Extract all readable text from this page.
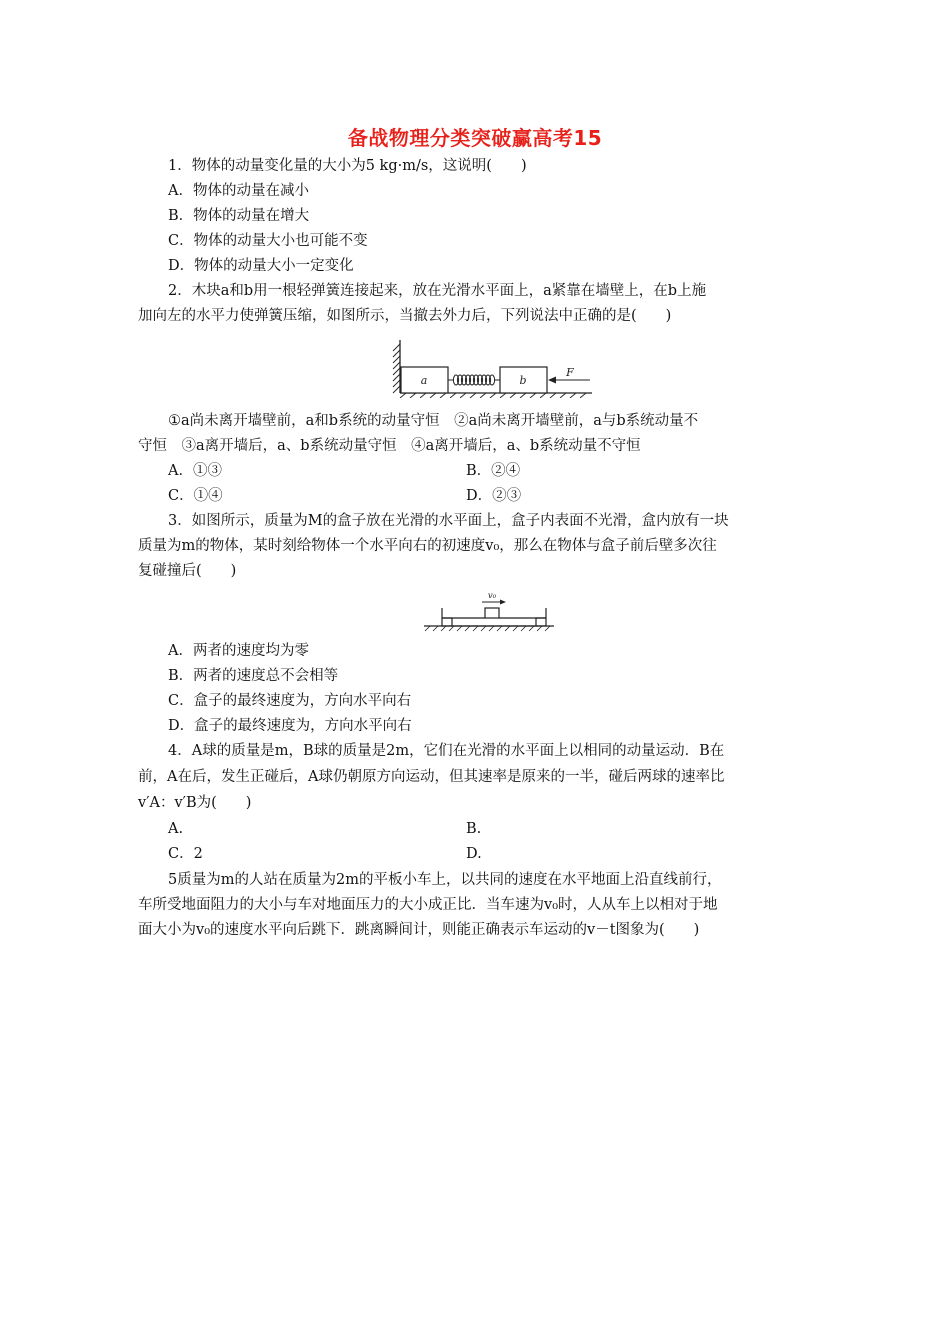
备战物理分类突破赢高考15
1．物体的动量变化量的大小为5 kg·m/s，这说明(　　)
A．物体的动量在减小
B．物体的动量在增大
C．物体的动量大小也可能不变
D．物体的动量大小一定变化
2．木块a和b用一根轻弹簧连接起来，放在光滑水平面上，a紧靠在墙壁上，在b上施
加向左的水平力使弹簧压缩，如图所示，当撤去外力后，下列说法中正确的是(　　)
a	b
F
①a尚未离开墙壁前，a和b系统的动量守恒　②a尚未离开墙壁前，a与b系统动量不
守恒　③a离开墙后，a、b系统动量守恒　④a离开墙后，a、b系统动量不守恒
A．①③	B．②④
C．①④	D．②③
3．如图所示，质量为M的盒子放在光滑的水平面上，盒子内表面不光滑，盒内放有一块
质量为m的物体，某时刻给物体一个水平向右的初速度v₀，那么在物体与盒子前后壁多次往
复碰撞后(　　)
v₀
A．两者的速度均为零
B．两者的速度总不会相等
C．盒子的最终速度为，方向水平向右
D．盒子的最终速度为，方向水平向右
4．A球的质量是m，B球的质量是2m，它们在光滑的水平面上以相同的动量运动．B在
前，A在后，发生正碰后，A球仍朝原方向运动，但其速率是原来的一半，碰后两球的速率比
v′A：v′B为(　　)
A.	B.
C．2	D.
5质量为m的人站在质量为2m的平板小车上，以共同的速度在水平地面上沿直线前行，
车所受地面阻力的大小与车对地面压力的大小成正比．当车速为v₀时，人从车上以相对于地
面大小为v₀的速度水平向后跳下．跳离瞬间计，则能正确表示车运动的v－t图象为(　　)
